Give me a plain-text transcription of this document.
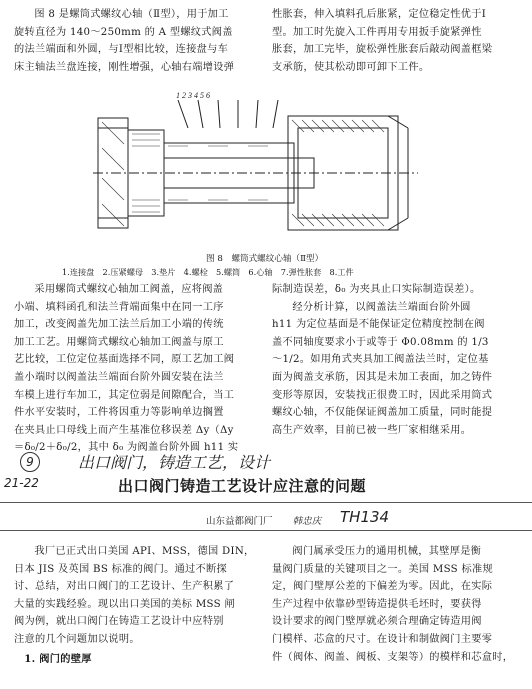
图 8 是螺筒式螺纹心轴（Ⅱ型），用于加工

旋转直径为 140～250mm 的 A 型螺纹式阀盖

的法兰端面和外圆，与Ⅰ型相比较，连接盘与车

床主轴法兰盘连接，刚性增强，心轴右端增设弹

性胀套，伸入填料孔后胀紧，定位稳定性优于Ⅰ

型。加工时先旋入工件再用专用扳手旋紧弹性

胀套，加工完毕，旋松弹性胀套后敲动阀盖框梁

支承筋，使其松动即可卸下工件。

1 2 3 4 5 6
图 8　螺筒式螺纹心轴（Ⅱ型）
1.连接盘　2.压紧螺母　3.垫片　4.螺栓　5.螺筒　6.心轴　7.弹性胀套　8.工件

采用螺筒式螺纹心轴加工阀盖，应将阀盖

小端、填料函孔和法兰背端面集中在同一工序

加工，改变阀盖先加工法兰后加工小端的传统

加工工艺。用螺筒式螺纹心轴加工阀盖与原工

艺比较，工位定位基面选择不同，原工艺加工阀

盖小端时以阀盖法兰端面台阶外圆安装在法兰

车模上进行车加工，其定位弱是间隙配合，当工

件水平安装时，工件将因重力等影响单边搁置

在夹具止口母线上而产生基准位移误差 Δy（Δy

＝δ₀/2＋δ₀/2，其中 δ₀ 为阀盖台阶外圆 h11 实

际制造误差，δ₀ 为夹具止口实际制造误差）。

经分析计算，以阀盖法兰端面台阶外圆

h11 为定位基面是不能保证定位精度控制在阀

盖不同轴度要求小于或等于 Φ0.08mm 的 1/3

～1/2。如用角式夹具加工阀盖法兰时，定位基

面为阀盖支承筋，因其是未加工表面，加之铸件

变形等原因，安装找正很费工时，因此采用筒式

螺纹心轴，不仅能保证阀盖加工质量，同时能提

高生产效率，目前已被一些厂家相继采用。

9	出口阀门，铸造工艺，设计
21-22	出口阀门铸造工艺设计应注意的问题
山东益都阀门厂 韩忠庆 TH134

我厂已正式出口美国 API、MSS，德国 DIN，

日本 JIS 及英国 BS 标准的阀门。通过不断探

讨、总结，对出口阀门的工艺设计、生产积累了

大量的实践经验。现以出口美国的美标 MSS 闸

阀为例，就出口阀门在铸造工艺设计中应特别

注意的几个问题加以说明。

1. 阀门的壁厚

阀门属承受压力的通用机械，其壁厚是衡

量阀门质量的关键项目之一。美国 MSS 标准规

定，阀门壁厚公差的下偏差为零。因此，在实际

生产过程中依靠砂型铸造提供毛坯时，要获得

设计要求的阀门壁厚就必须合理确定铸造用阀

门模样、芯盒的尺寸。在设计和制做阀门主要零

件（阀体、阀盖、阀板、支架等）的模样和芯盒时，
